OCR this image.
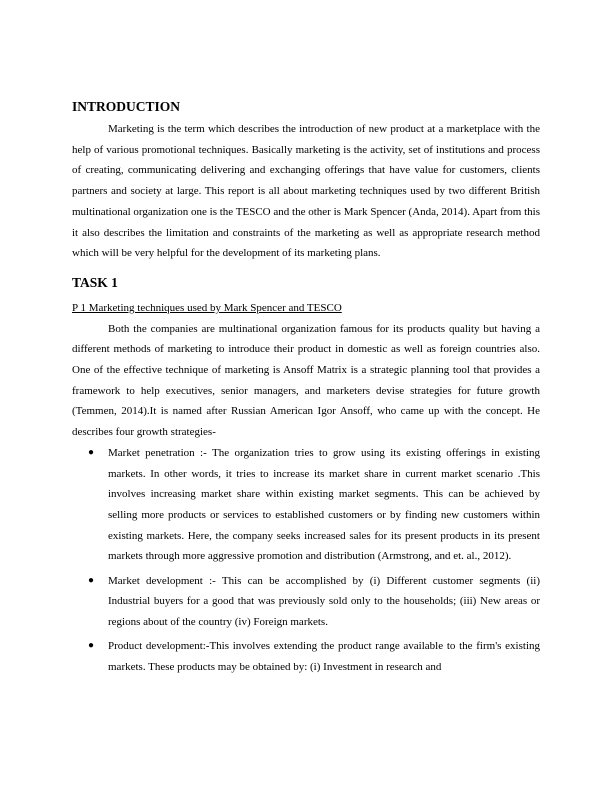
INTRODUCTION

Marketing is the term which describes the introduction of new product at a marketplace with the help of various promotional techniques. Basically marketing is the activity, set of institutions and process of creating, communicating delivering and exchanging offerings that have value for customers, clients partners and society at large. This report is all about marketing techniques used by two different British multinational organization one is the TESCO and the other is Mark Spencer (Anda, 2014). Apart from this it also describes the limitation and constraints of the marketing as well as appropriate research method which will be very helpful for the development of its marketing plans.

TASK 1
P 1 Marketing techniques used by Mark Spencer and TESCO

Both the companies are multinational organization famous for its products quality but having a different methods of marketing to introduce their product in domestic as well as foreign countries also. One of the effective technique of marketing is Ansoff Matrix is a strategic planning tool that provides a framework to help executives, senior managers, and marketers devise strategies for future growth (Temmen, 2014).It is named after Russian American Igor Ansoff, who came up with the concept. He describes four growth strategies-

● Market penetration :- The organization tries to grow using its existing offerings in existing markets. In other words, it tries to increase its market share in current market scenario .This involves increasing market share within existing market segments. This can be achieved by selling more products or services to established customers or by finding new customers within existing markets. Here, the company seeks increased sales for its present products in its present markets through more aggressive promotion and distribution (Armstrong, and et. al., 2012).
● Market development :- This can be accomplished by (i) Different customer segments (ii) Industrial buyers for a good that was previously sold only to the households; (iii) New areas or regions about of the country (iv) Foreign markets.
● Product development:-This involves extending the product range available to the firm's existing markets. These products may be obtained by: (i) Investment in research and
